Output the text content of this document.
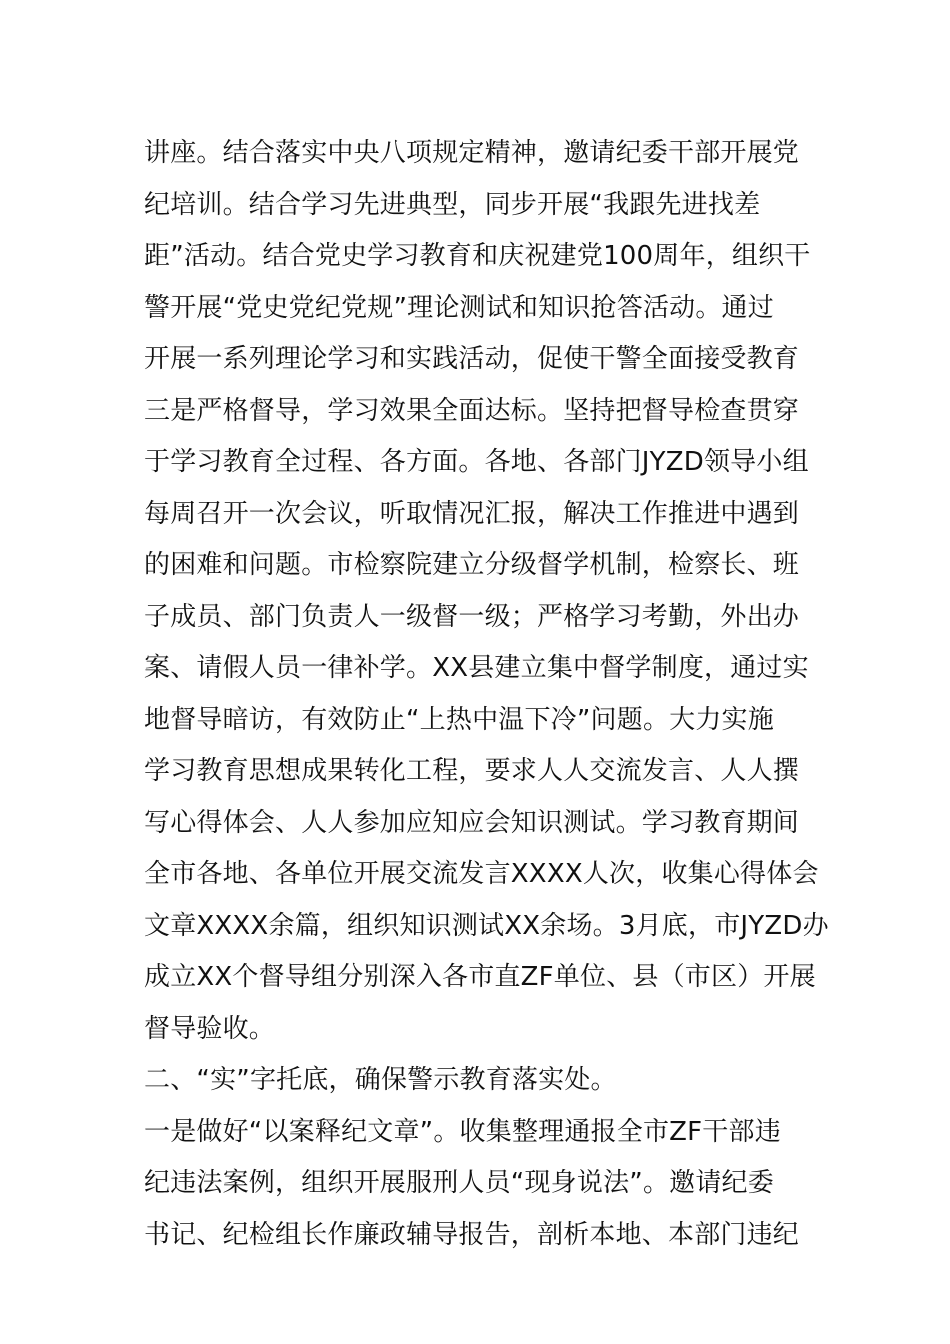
讲座。结合落实中央八项规定精神，邀请纪委干部开展党
纪培训。结合学习先进典型，同步开展“我跟先进找差
距”活动。结合党史学习教育和庆祝建党100周年，组织干
警开展“党史党纪党规”理论测试和知识抢答活动。通过
开展一系列理论学习和实践活动，促使干警全面接受教育
三是严格督导，学习效果全面达标。坚持把督导检查贯穿
于学习教育全过程、各方面。各地、各部门JYZD领导小组
每周召开一次会议，听取情况汇报，解决工作推进中遇到
的困难和问题。市检察院建立分级督学机制，检察长、班
子成员、部门负责人一级督一级；严格学习考勤，外出办
案、请假人员一律补学。XX县建立集中督学制度，通过实
地督导暗访，有效防止“上热中温下冷”问题。大力实施
学习教育思想成果转化工程，要求人人交流发言、人人撰
写心得体会、人人参加应知应会知识测试。学习教育期间
全市各地、各单位开展交流发言XXXX人次，收集心得体会
文章XXXX余篇，组织知识测试XX余场。3月底，市JYZD办
成立XX个督导组分别深入各市直ZF单位、县（市区）开展
督导验收。
二、“实”字托底，确保警示教育落实处。
一是做好“以案释纪文章”。收集整理通报全市ZF干部违
纪违法案例，组织开展服刑人员“现身说法”。邀请纪委
书记、纪检组长作廉政辅导报告，剖析本地、本部门违纪
